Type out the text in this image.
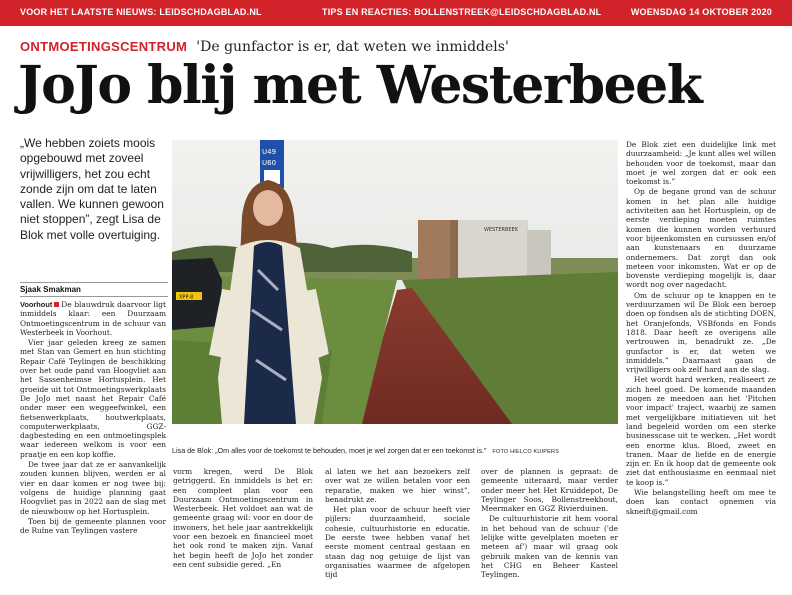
VOOR HET LAATSTE NIEUWS: LEIDSCHDAGBLAD.NL	TIPS EN REACTIES: BOLLENSTREEK@LEIDSCHDAGBLAD.NL	WOENSDAG 14 OKTOBER 2020
ONTMOETINGSCENTRUM 'De gunfactor is er, dat weten we inmiddels'
JoJo blij met Westerbeek
„We hebben zoiets moois opgebouwd met zoveel vrijwilligers, het zou echt zonde zijn om dat te laten vallen. We kunnen gewoon niet stoppen”, zegt Lisa de Blok met volle overtuiging.
Sjaak Smakman

Voorhout De blauwdruk daarvoor ligt inmiddels klaar: een Duurzaam Ontmoetingscentrum in de schuur van Westerbeek in Voorhout.

Vier jaar geleden kreeg ze samen met Stan van Gemert en hun stichting Repair Café Teylingen de beschikking over het oude pand van Hoogvliet aan het Sassenheimse Hortusplein. Het groeide uit tot Ontmoetingswerkplaats De JoJo met naast het Repair Café onder meer een weggeefwinkel, een fietsenwerkplaats, houtwerkplaats, computerwerkplaats, GGZ-dagbesteding en een ontmoetingsplek waar iedereen welkom is voor een praatje en een kop koffie.

De twee jaar dat ze er aanvankelijk zouden kunnen blijven, werden er al vier en daar komen er nog twee bij: volgens de huidige planning gaat Hoogvliet pas in 2022 aan de slag met de nieuwbouw op het Hortusplein.

Toen bij de gemeente plannen voor de Ruïne van Teylingen vastere

vorm kregen, werd De Blok getriggerd. En inmiddels is het er: een compleet plan voor een Duurzaam Ontmoetingscentrum in Westerbeek. Het voldoet aan wat de gemeente graag wil: voor en door de inwoners, het hele jaar aantrekkelijk voor een bezoek en financieel moet het ook rond te maken zijn. Vanaf het begin heeft de JoJo het zonder een cent subsidie gered. „En

al laten we het aan bezoekers zelf over wat ze willen betalen voor een reparatie, maken we hier winst”, benadrukt ze.

Het plan voor de schuur heeft vier pijlers: duurzaamheid, sociale cohesie, cultuurhistorie en educatie. De eerste twee hebben vanaf het eerste moment centraal gestaan en staan dag nog getuige de lijst van organisaties waarmee de afgelopen tijd

over de plannen is gepraat: de gemeente uiteraard, maar verder onder meer het Het Kruiddepot, De Teylinger Soos, Bollenstreekhout, Meermaker en GGZ Rivierduinen.

De cultuurhistorie zit hem vooral in het behoud van de schuur ('de lelijke witte gevelplaten moeten er meteen af') maar wil graag ook gebruik maken van de kennis van het CHG en Beheer Kasteel Teylingen.

De Blok ziet een duidelijke link met duurzaamheid: „Je kunt alles wel willen behouden voor de toekomst, maar dan moet je wel zorgen dat er ook een toekomst is.”

Op de begane grond van de schuur komen in het plan alle huidige activiteiten aan het Hortusplein, op de eerste verdieping moeten ruimtes komen die kunnen worden verhuurd voor bijeenkomsten en cursussen en/of aan kunstenaars en duurzame ondernemers. Dat zorgt dan ook meteen voor inkomsten. Wat er op de bovenste verdieping mogelijk is, daar wordt nog over nagedacht.

Om de schuur op te knappen en te verduurzamen wil De Blok een beroep doen op fondsen als de stichting DOEN, het Oranjefonds, VSBfonds en Fonds 1818. Daar heeft ze overigens alle vertrouwen in, benadrukt ze. „De gunfactor is er, dat weten we inmiddels.” Daarnaast gaan de vrijwilligers ook zelf hard aan de slag.

Het wordt hard werken, realiseert ze zich heel goed. De komende maanden mogen ze meedoen aan het 'Pitchen voor impact' traject, waarbij ze samen met vergelijkbare initiatieven uit het land begeleid worden om een sterke businesscase uit te werken. „Het wordt een enorme klus. Bloed, zweet en tranen. Maar de liefde en de energie zijn er. En ik hoop dat de gemeente ook ziet dat enthousiasme en eenmaal niet te koop is.”

Wie belangstelling heeft om mee te doen kan contact opnemen via skneift@gmail.com

WESTERBEEK
XPP-8
U49
U60
Lisa de Blok: „Om alles voor de toekomst te behouden, moet je wel zorgen dat er een toekomst is.” FOTO HIELCO KUIPERS
